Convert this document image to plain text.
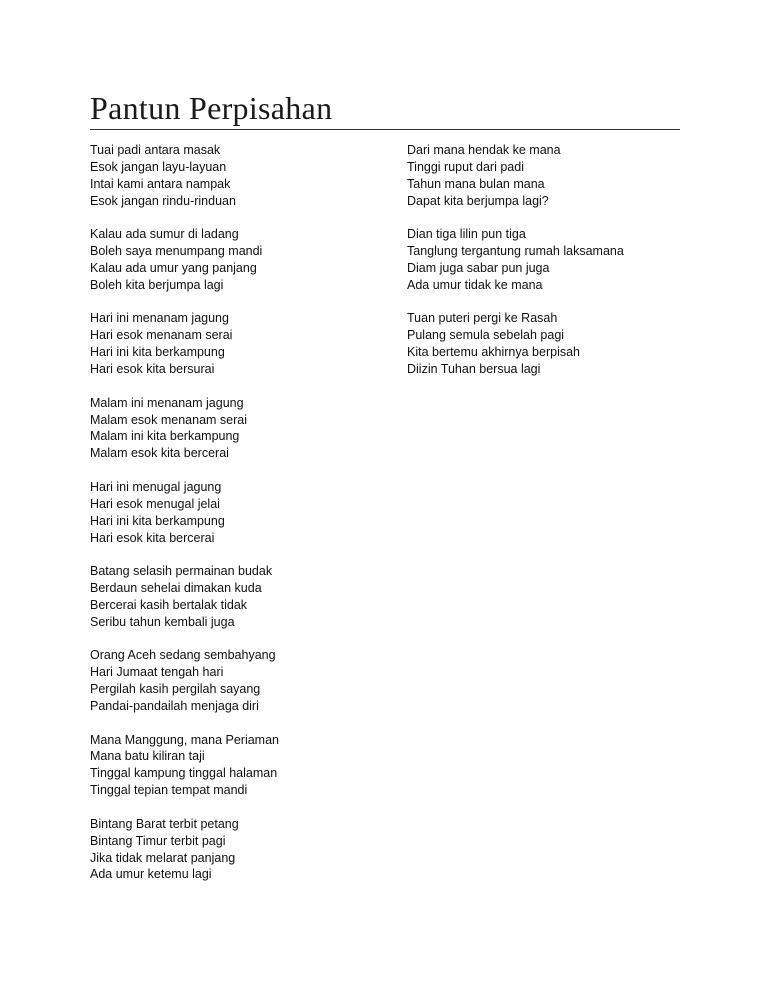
Pantun Perpisahan
Tuai padi antara masak
Esok jangan layu-layuan
Intai kami antara nampak
Esok jangan rindu-rinduan
Kalau ada sumur di ladang
Boleh saya menumpang mandi
Kalau ada umur yang panjang
Boleh kita berjumpa lagi
Hari ini menanam jagung
Hari esok menanam serai
Hari ini kita berkampung
Hari esok kita bersurai
Malam ini menanam jagung
Malam esok menanam serai
Malam ini kita berkampung
Malam esok kita bercerai
Hari ini menugal jagung
Hari esok menugal jelai
Hari ini kita berkampung
Hari esok kita bercerai
Batang selasih permainan budak
Berdaun sehelai dimakan kuda
Bercerai kasih bertalak tidak
Seribu tahun kembali juga
Orang Aceh sedang sembahyang
Hari Jumaat tengah hari
Pergilah kasih pergilah sayang
Pandai-pandailah menjaga diri
Mana Manggung, mana Periaman
Mana batu kiliran taji
Tinggal kampung tinggal halaman
Tinggal tepian tempat mandi
Bintang Barat terbit petang
Bintang Timur terbit pagi
Jika tidak melarat panjang
Ada umur ketemu lagi
Dari mana hendak ke mana
Tinggi ruput dari padi
Tahun mana bulan mana
Dapat kita berjumpa lagi?
Dian tiga lilin pun tiga
Tanglung tergantung rumah laksamana
Diam juga sabar pun juga
Ada umur tidak ke mana
Tuan puteri pergi ke Rasah
Pulang semula sebelah pagi
Kita bertemu akhirnya berpisah
Diizin Tuhan bersua lagi
